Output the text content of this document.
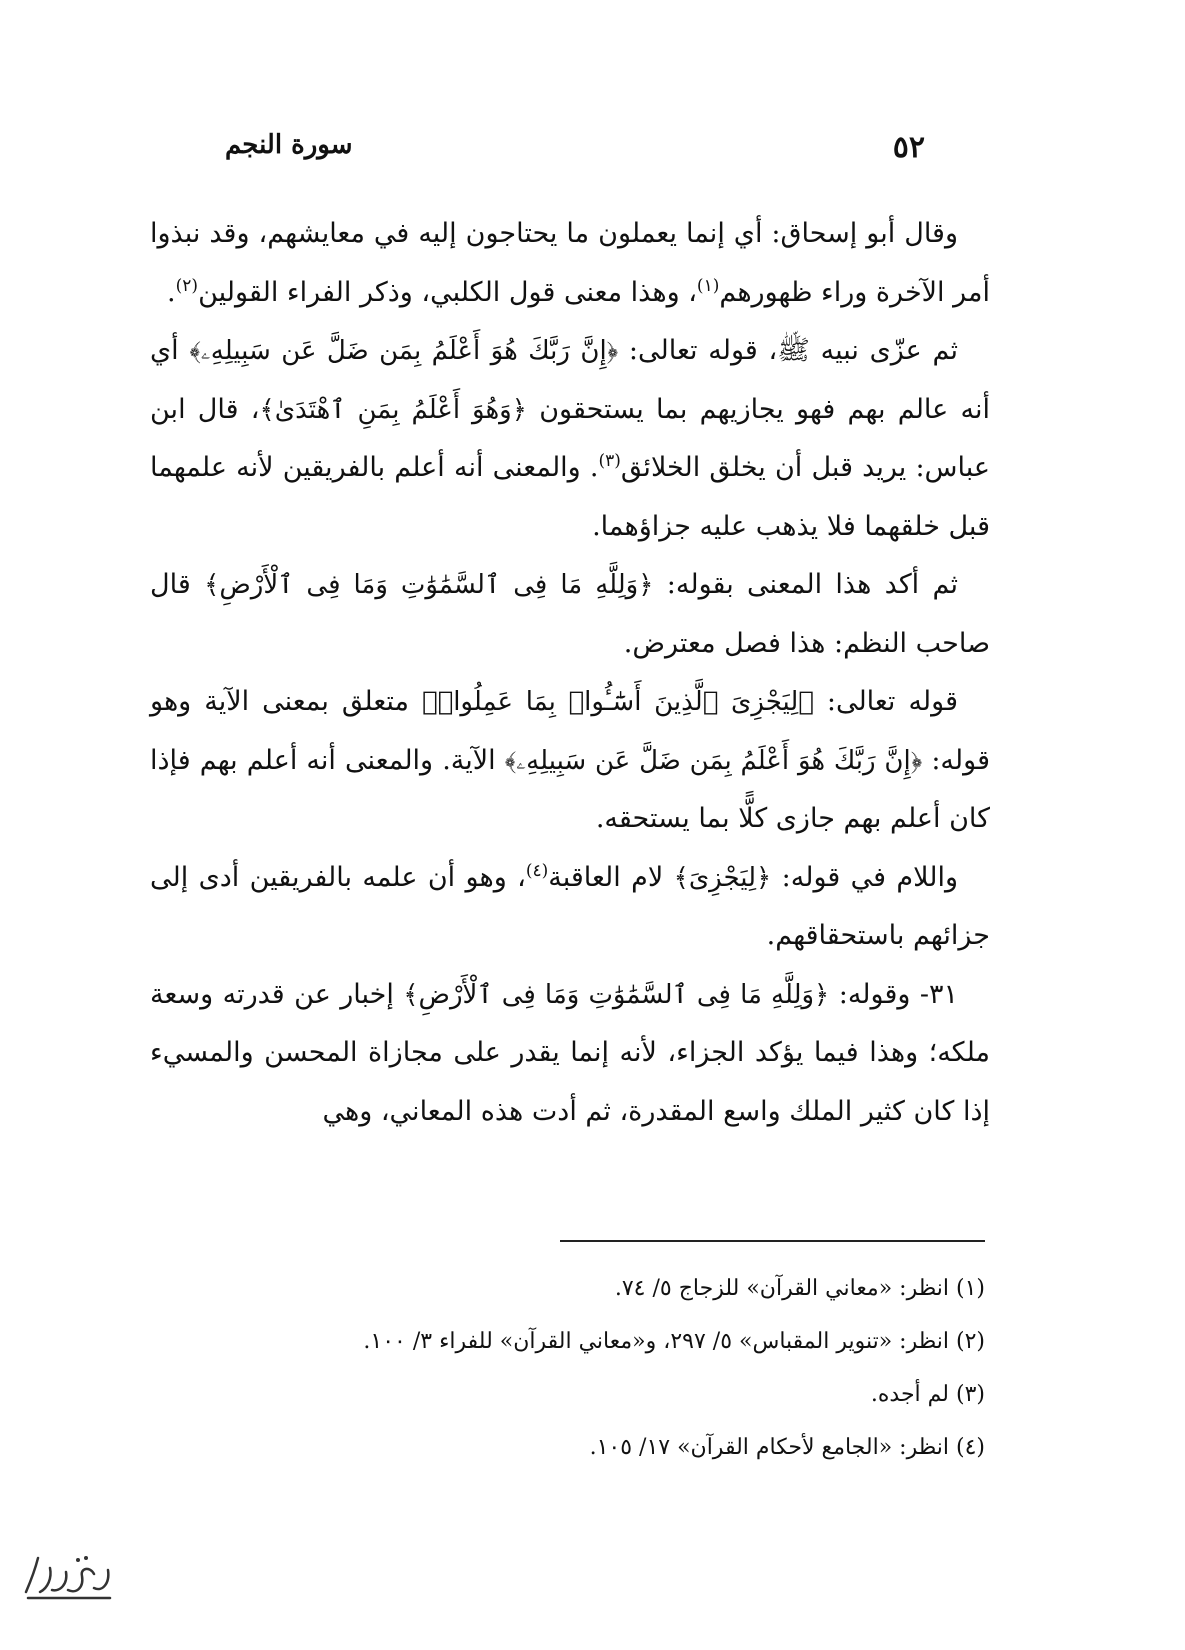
٥٢
سورة النجم

وقال أبو إسحاق: أي إنما يعملون ما يحتاجون إليه في معايشهم، وقد نبذوا أمر الآخرة وراء ظهورهم$^{(١)}$، وهذا معنى قول الكلبي، وذكر الفراء القولين$^{(٢)}$.

ثم عزّى نبيه ﷺ، قوله تعالى: ﴿إِنَّ رَبَّكَ هُوَ أَعْلَمُ بِمَن ضَلَّ عَن سَبِيلِهِۦ﴾ أي أنه عالم بهم فهو يجازيهم بما يستحقون ﴿وَهُوَ أَعْلَمُ بِمَنِ ٱهْتَدَىٰ﴾، قال ابن عباس: يريد قبل أن يخلق الخلائق$^{(٣)}$. والمعنى أنه أعلم بالفريقين لأنه علمهما قبل خلقهما فلا يذهب عليه جزاؤهما.

ثم أكد هذا المعنى بقوله: ﴿وَلِلَّهِ مَا فِى ٱلسَّمَٰوَٰتِ وَمَا فِى ٱلْأَرْضِ﴾ قال صاحب النظم: هذا فصل معترض.

قوله تعالى: ﴿لِيَجْزِىَ ٱلَّذِينَ أَسَٰٓـُٔوا۟ بِمَا عَمِلُوا۟﴾ متعلق بمعنى الآية وهو قوله: ﴿إِنَّ رَبَّكَ هُوَ أَعْلَمُ بِمَن ضَلَّ عَن سَبِيلِهِۦ﴾ الآية. والمعنى أنه أعلم بهم فإذا كان أعلم بهم جازى كلًّا بما يستحقه.

واللام في قوله: ﴿لِيَجْزِىَ﴾ لام العاقبة$^{(٤)}$، وهو أن علمه بالفريقين أدى إلى جزائهم باستحقاقهم.

٣١- وقوله: ﴿وَلِلَّهِ مَا فِى ٱلسَّمَٰوَٰتِ وَمَا فِى ٱلْأَرْضِ﴾ إخبار عن قدرته وسعة ملكه؛ وهذا فيما يؤكد الجزاء، لأنه إنما يقدر على مجازاة المحسن والمسيء إذا كان كثير الملك واسع المقدرة، ثم أدت هذه المعاني، وهي

(١) انظر: «معاني القرآن» للزجاج ٥/ ٧٤.
(٢) انظر: «تنوير المقباس» ٥/ ٢٩٧، و«معاني القرآن» للفراء ٣/ ١٠٠.
(٣) لم أجده.
(٤) انظر: «الجامع لأحكام القرآن» ١٧/ ١٠٥.
